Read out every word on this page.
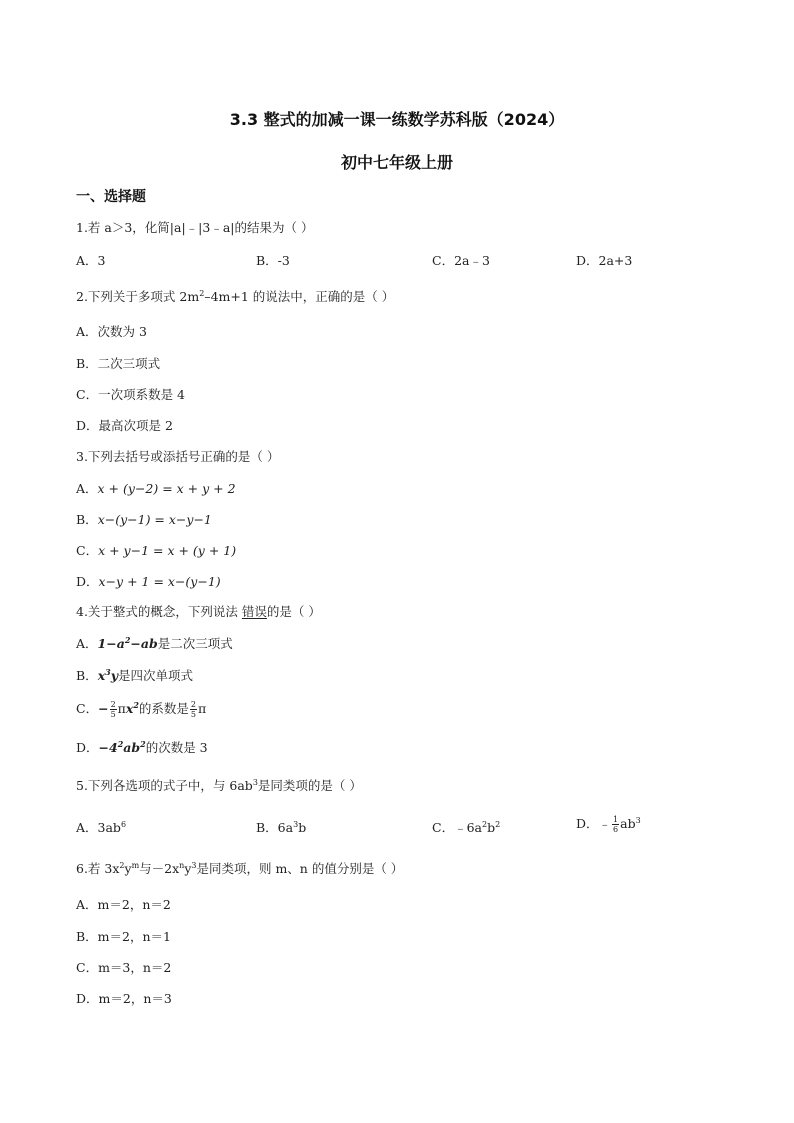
3.3 整式的加减一课一练数学苏科版（2024）
初中七年级上册
一、选择题
1.若 a＞3，化简|a|﹣|3﹣a|的结果为（ ）
A．3	B．-3	C．2a﹣3	D．2a+3
2.下列关于多项式 $2m^2-4m+1$ 的说法中，正确的是（ ）
A．次数为 3
B．二次三项式
C．一次项系数是 4
D．最高次项是 2
3.下列去括号或添括号正确的是（ ）
A．x + (y−2) = x + y + 2
B．x−(y−1) = x−y−1
C．x + y−1 = x + (y + 1)
D．x−y + 1 = x−(y−1)
4.关于整式的概念，下列说法 错误的是（ ）
A．$1-a^2-ab$是二次三项式
B．$x^3y$是四次单项式
C．− $\frac{2}{5} \pi x^2$的系数是 $\frac{2}{5}$ π
D．$-4^2ab^2$的次数是 3
5.下列各选项的式子中，与 $6ab^3$是同类项的是（ ）
A．$3ab^6$	B．$6a^3b$	C．$﹣6a^2b^2$	D．﹣ $\frac{1}{6} ab^3$
6.若 $3x^2y^m$与$-2x^ny^3$是同类项，则 m、n 的值分别是（ ）
A．m＝2，n＝2
B．m＝2，n＝1
C．m＝3，n＝2
D．m＝2，n＝3
